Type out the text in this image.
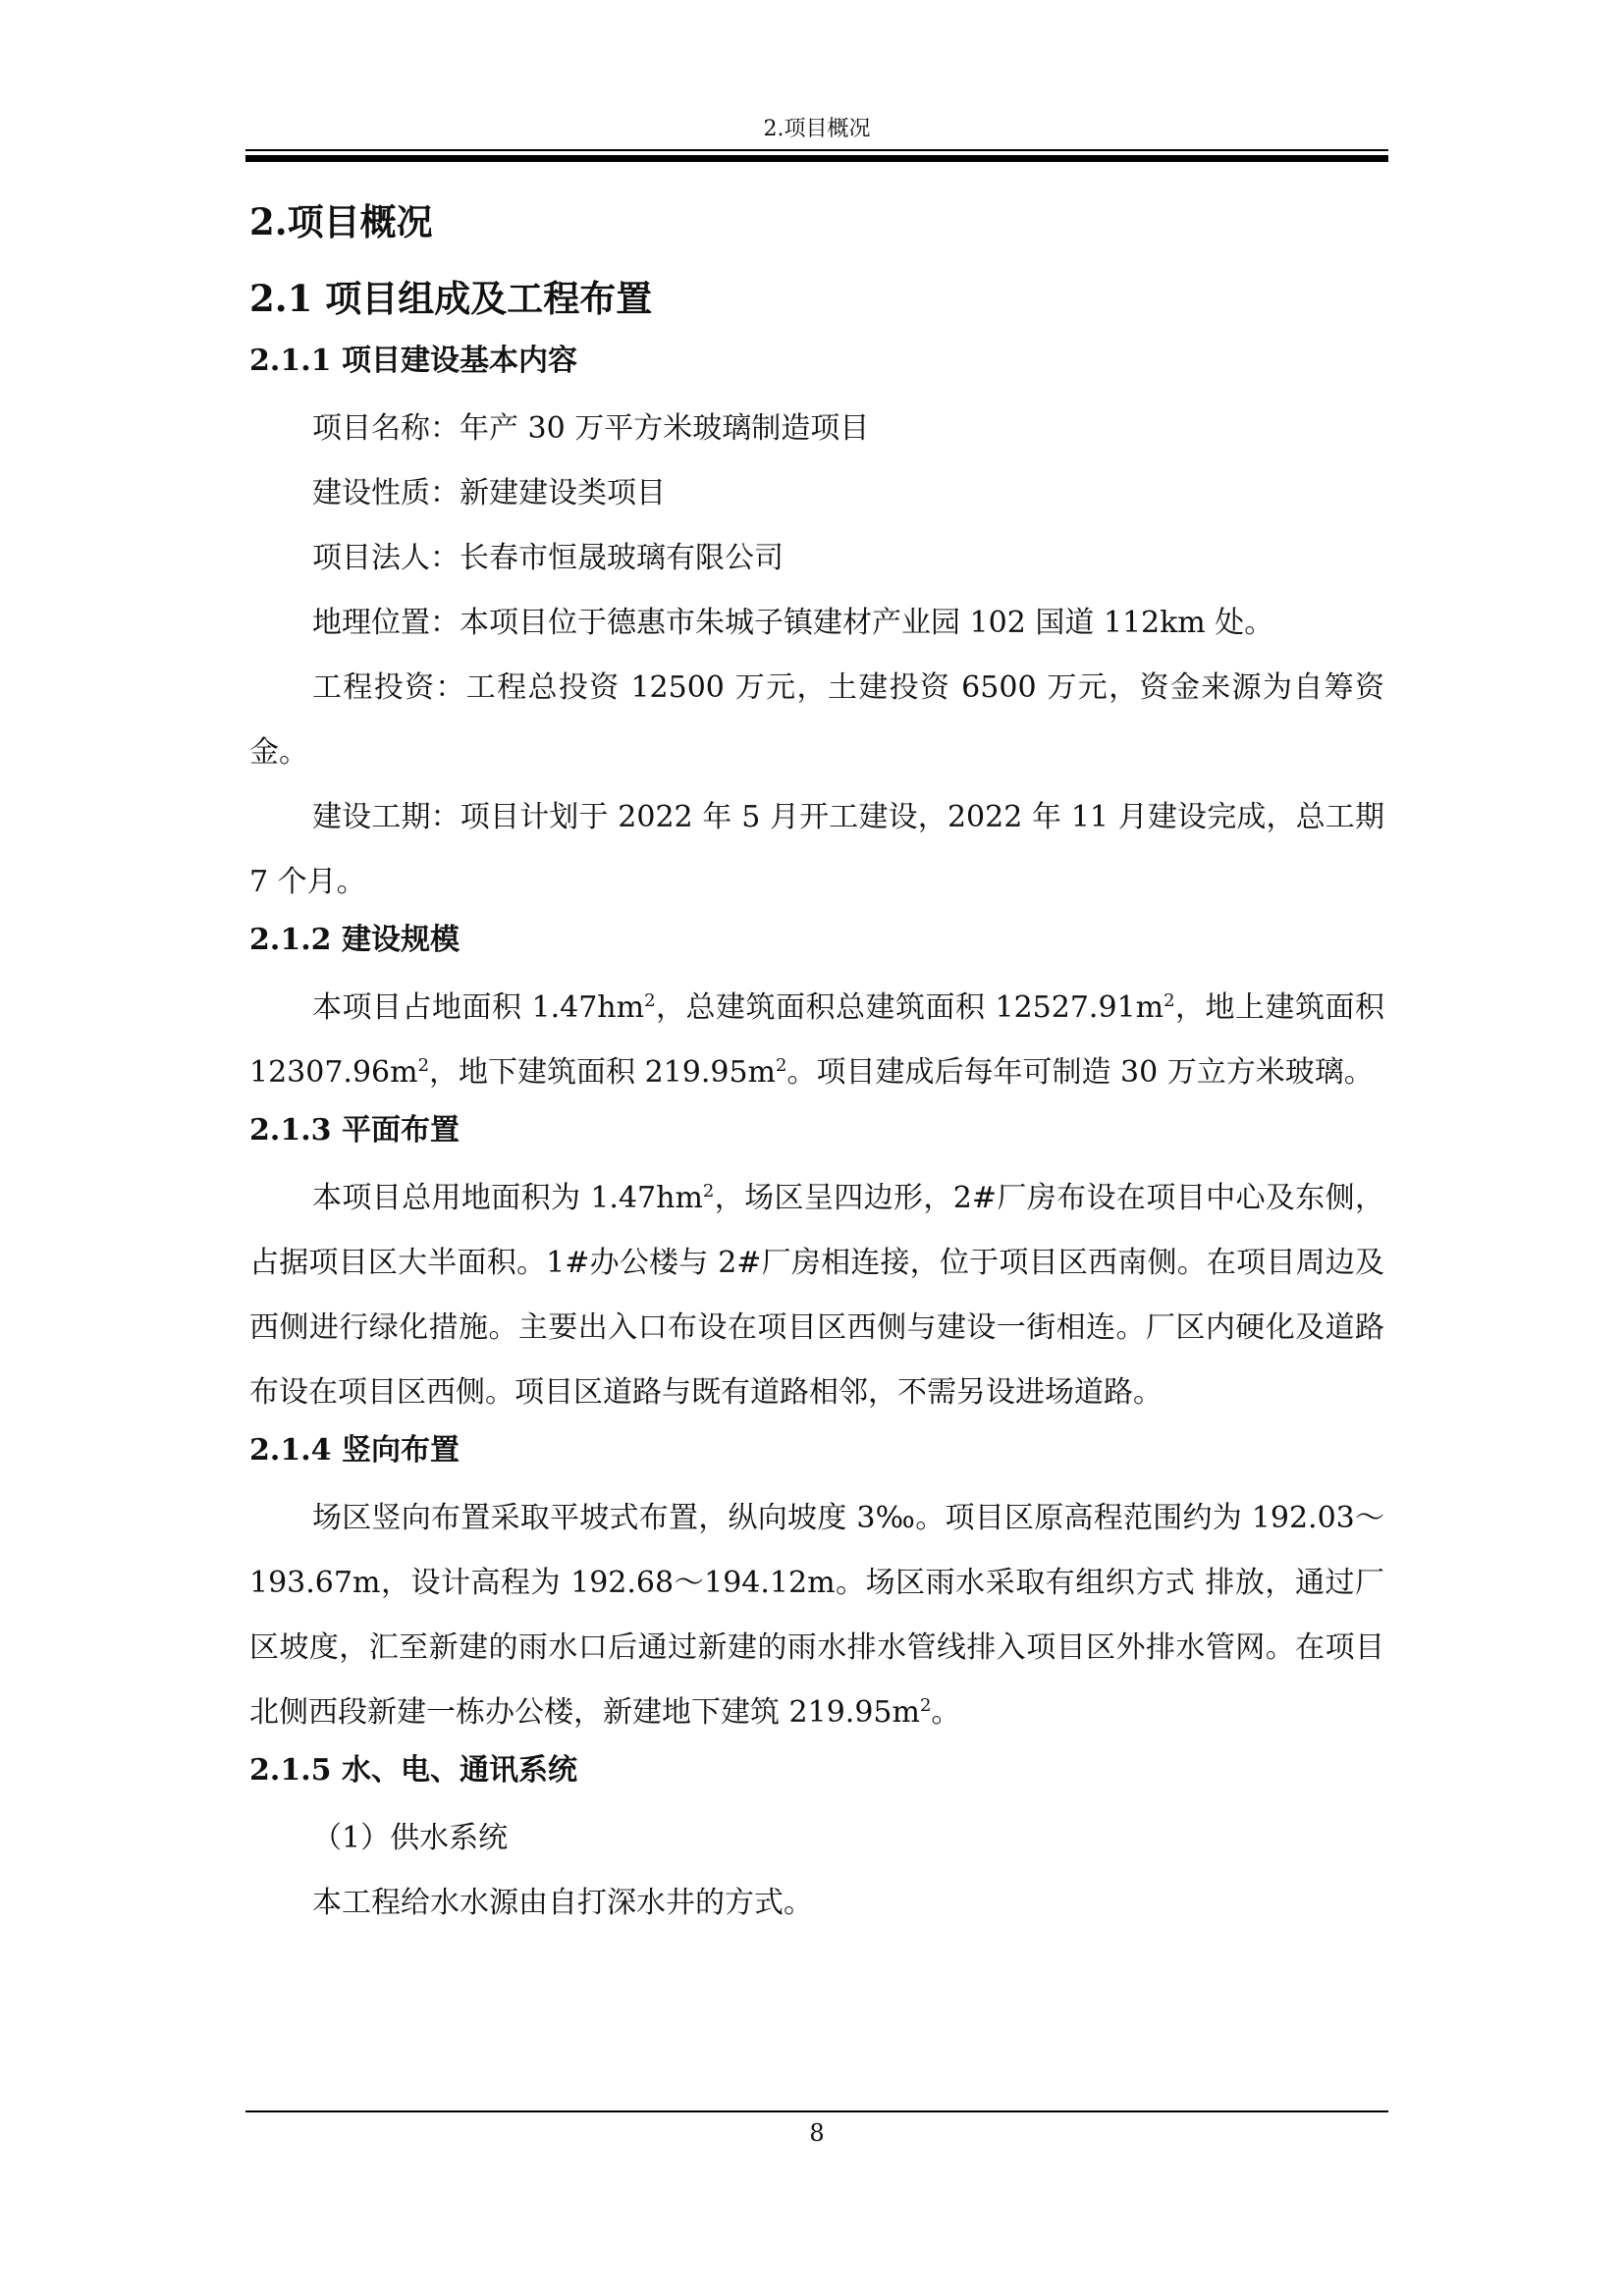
2.项目概况
2.项目概况
2.1 项目组成及工程布置
2.1.1 项目建设基本内容

项目名称：年产 30 万平方米玻璃制造项目

建设性质：新建建设类项目

项目法人：长春市恒晟玻璃有限公司

地理位置：本项目位于德惠市朱城子镇建材产业园 102 国道 112km 处。

工程投资：工程总投资 12500 万元，土建投资 6500 万元，资金来源为自筹资金。

建设工期：项目计划于 2022 年 5 月开工建设，2022 年 11 月建设完成，总工期 7 个月。

2.1.2 建设规模

本项目占地面积 $1.47hm^2$，总建筑面积总建筑面积 $12527.91m^2$，地上建筑面积 $12307.96m^2$，地下建筑面积 $219.95m^2$。项目建成后每年可制造 30 万立方米玻璃。

2.1.3 平面布置

本项目总用地面积为 $1.47hm^2$，场区呈四边形，2#厂房布设在项目中心及东侧，占据项目区大半面积。1#办公楼与 2#厂房相连接，位于项目区西南侧。在项目周边及西侧进行绿化措施。主要出入口布设在项目区西侧与建设一街相连。厂区内硬化及道路布设在项目区西侧。项目区道路与既有道路相邻，不需另设进场道路。

2.1.4 竖向布置

场区竖向布置采取平坡式布置，纵向坡度 3‰。项目区原高程范围约为 192.03～193.67m，设计高程为 192.68～194.12m。场区雨水采取有组织方式 排放，通过厂区坡度，汇至新建的雨水口后通过新建的雨水排水管线排入项目区外排水管网。在项目北侧西段新建一栋办公楼，新建地下建筑 $219.95m^2$。

2.1.5 水、电、通讯系统

（1）供水系统

本工程给水水源由自打深水井的方式。

8
